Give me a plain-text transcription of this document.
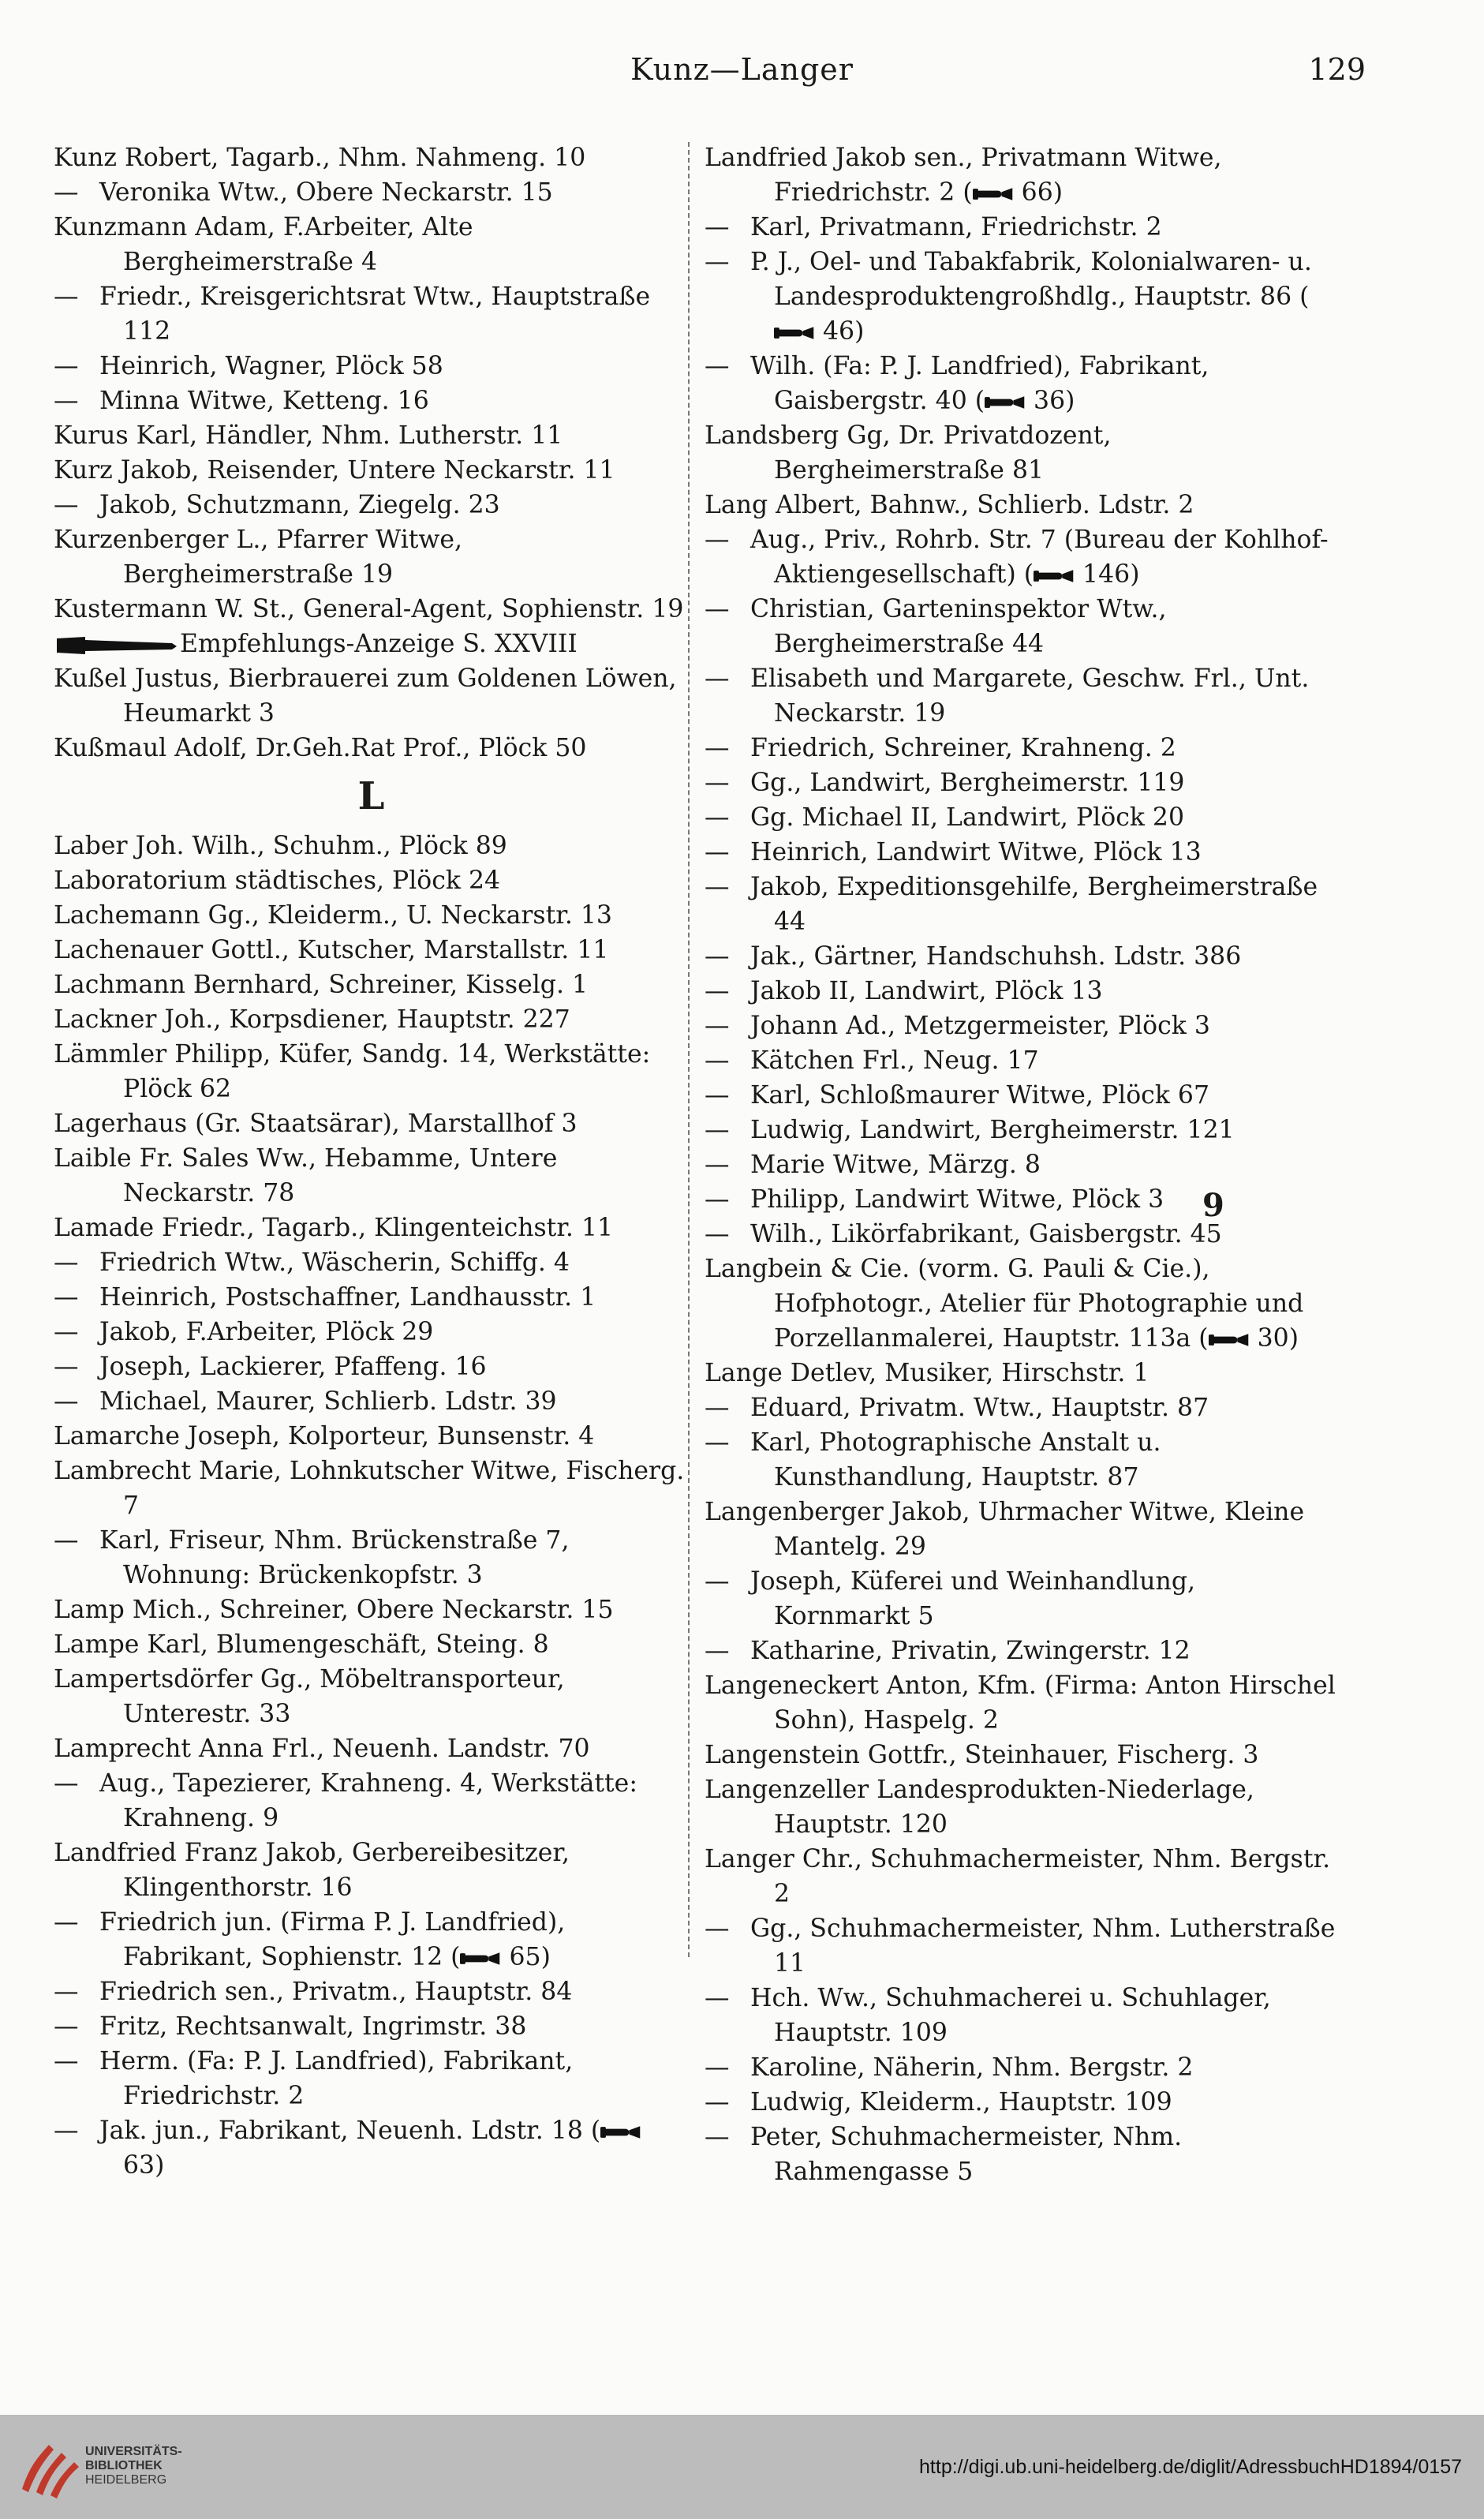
Kunz—Langer	129

Kunz Robert, Tagarb., Nhm. Nahmeng. 10

— Veronika Wtw., Obere Neckarstr. 15

Kunzmann Adam, F.Arbeiter, Alte Bergheimerstraße 4

— Friedr., Kreisgerichtsrat Wtw., Hauptstraße 112

— Heinrich, Wagner, Plöck 58

— Minna Witwe, Ketteng. 16

Kurus Karl, Händler, Nhm. Lutherstr. 11

Kurz Jakob, Reisender, Untere Neckarstr. 11

— Jakob, Schutzmann, Ziegelg. 23

Kurzenberger L., Pfarrer Witwe, Bergheimerstraße 19

Kustermann W. St., General-Agent, Sophienstr. 19

Empfehlungs-Anzeige S. XXVIII

Kußel Justus, Bierbrauerei zum Goldenen Löwen, Heumarkt 3

Kußmaul Adolf, Dr.Geh.Rat Prof., Plöck 50

L

Laber Joh. Wilh., Schuhm., Plöck 89

Laboratorium städtisches, Plöck 24

Lachemann Gg., Kleiderm., U. Neckarstr. 13

Lachenauer Gottl., Kutscher, Marstallstr. 11

Lachmann Bernhard, Schreiner, Kisselg. 1

Lackner Joh., Korpsdiener, Hauptstr. 227

Lämmler Philipp, Küfer, Sandg. 14, Werkstätte: Plöck 62

Lagerhaus (Gr. Staatsärar), Marstallhof 3

Laible Fr. Sales Ww., Hebamme, Untere Neckarstr. 78

Lamade Friedr., Tagarb., Klingenteichstr. 11

— Friedrich Wtw., Wäscherin, Schiffg. 4

— Heinrich, Postschaffner, Landhausstr. 1

— Jakob, F.Arbeiter, Plöck 29

— Joseph, Lackierer, Pfaffeng. 16

— Michael, Maurer, Schlierb. Ldstr. 39

Lamarche Joseph, Kolporteur, Bunsenstr. 4

Lambrecht Marie, Lohnkutscher Witwe, Fischerg. 7

— Karl, Friseur, Nhm. Brückenstraße 7, Wohnung: Brückenkopfstr. 3

Lamp Mich., Schreiner, Obere Neckarstr. 15

Lampe Karl, Blumengeschäft, Steing. 8

Lampertsdörfer Gg., Möbeltransporteur, Unterestr. 33

Lamprecht Anna Frl., Neuenh. Landstr. 70

— Aug., Tapezierer, Krahneng. 4, Werkstätte: Krahneng. 9

Landfried Franz Jakob, Gerbereibesitzer, Klingenthorstr. 16

— Friedrich jun. (Firma P. J. Landfried), Fabrikant, Sophienstr. 12 ( 65)

— Friedrich sen., Privatm., Hauptstr. 84

— Fritz, Rechtsanwalt, Ingrimstr. 38

— Herm. (Fa: P. J. Landfried), Fabrikant, Friedrichstr. 2

— Jak. jun., Fabrikant, Neuenh. Ldstr. 18 ( 63)

Landfried Jakob sen., Privatmann Witwe, Friedrichstr. 2 ( 66)

— Karl, Privatmann, Friedrichstr. 2

— P. J., Oel- und Tabakfabrik, Kolonialwaren- u. Landesproduktengroßhdlg., Hauptstr. 86 ( 46)

— Wilh. (Fa: P. J. Landfried), Fabrikant, Gaisbergstr. 40 ( 36)

Landsberg Gg, Dr. Privatdozent, Bergheimerstraße 81

Lang Albert, Bahnw., Schlierb. Ldstr. 2

— Aug., Priv., Rohrb. Str. 7 (Bureau der Kohlhof-Aktiengesellschaft) ( 146)

— Christian, Garteninspektor Wtw., Bergheimerstraße 44

— Elisabeth und Margarete, Geschw. Frl., Unt. Neckarstr. 19

— Friedrich, Schreiner, Krahneng. 2

— Gg., Landwirt, Bergheimerstr. 119

— Gg. Michael II, Landwirt, Plöck 20

— Heinrich, Landwirt Witwe, Plöck 13

— Jakob, Expeditionsgehilfe, Bergheimerstraße 44

— Jak., Gärtner, Handschuhsh. Ldstr. 386

— Jakob II, Landwirt, Plöck 13

— Johann Ad., Metzgermeister, Plöck 3

— Kätchen Frl., Neug. 17

— Karl, Schloßmaurer Witwe, Plöck 67

— Ludwig, Landwirt, Bergheimerstr. 121

— Marie Witwe, Märzg. 8

— Philipp, Landwirt Witwe, Plöck 3

— Wilh., Likörfabrikant, Gaisbergstr. 45

Langbein & Cie. (vorm. G. Pauli & Cie.), Hofphotogr., Atelier für Photographie und Porzellanmalerei, Hauptstr. 113a ( 30)

Lange Detlev, Musiker, Hirschstr. 1

— Eduard, Privatm. Wtw., Hauptstr. 87

— Karl, Photographische Anstalt u. Kunsthandlung, Hauptstr. 87

Langenberger Jakob, Uhrmacher Witwe, Kleine Mantelg. 29

— Joseph, Küferei und Weinhandlung, Kornmarkt 5

— Katharine, Privatin, Zwingerstr. 12

Langeneckert Anton, Kfm. (Firma: Anton Hirschel Sohn), Haspelg. 2

Langenstein Gottfr., Steinhauer, Fischerg. 3

Langenzeller Landesprodukten-Niederlage, Hauptstr. 120

Langer Chr., Schuhmachermeister, Nhm. Bergstr. 2

— Gg., Schuhmachermeister, Nhm. Lutherstraße 11

— Hch. Ww., Schuhmacherei u. Schuhlager, Hauptstr. 109

— Karoline, Näherin, Nhm. Bergstr. 2

— Ludwig, Kleiderm., Hauptstr. 109

— Peter, Schuhmachermeister, Nhm. Rahmengasse 5

9
UNIVERSITÄTS-
BIBLIOTHEK
HEIDELBERG
http://digi.ub.uni-heidelberg.de/diglit/AdressbuchHD1894/0157
